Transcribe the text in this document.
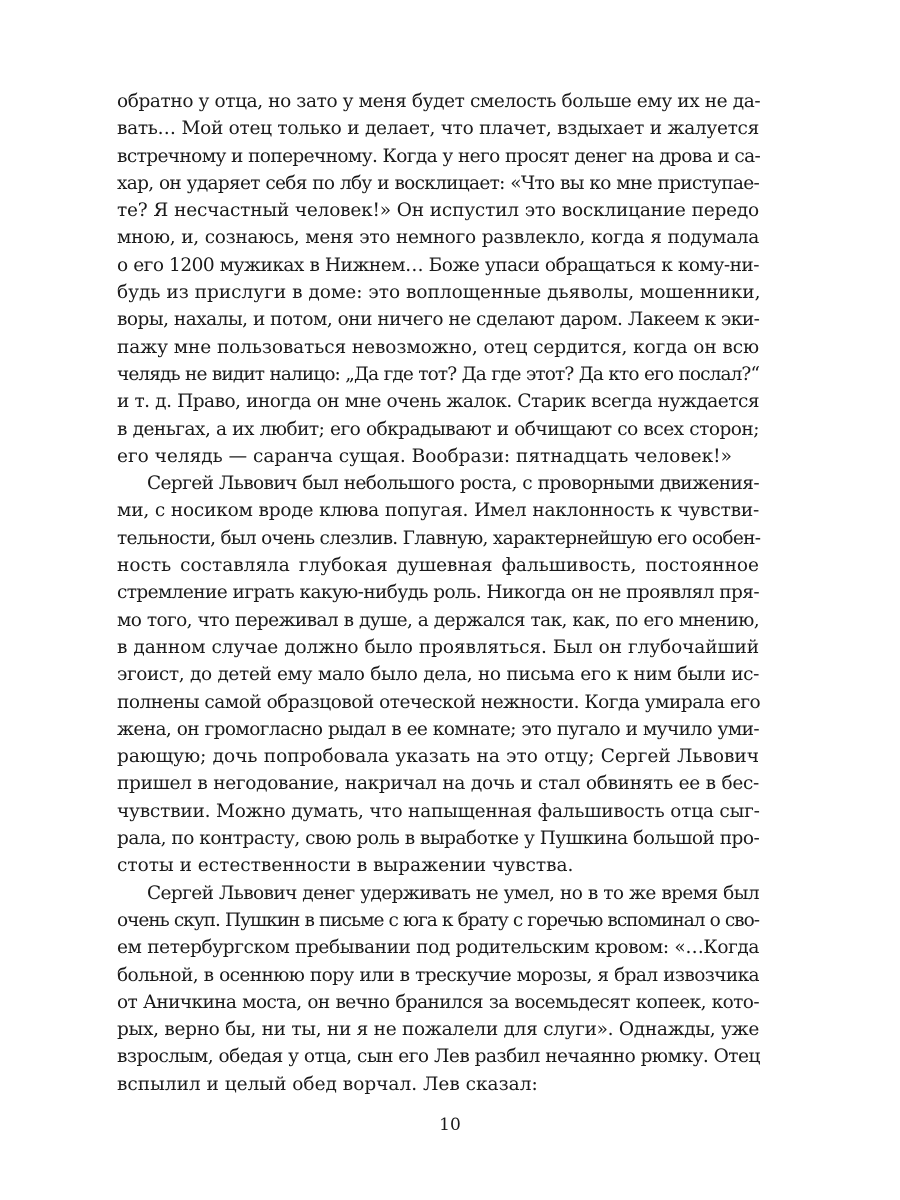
обратно у отца, но зато у меня будет смелость больше ему их не да-
вать… Мой отец только и делает, что плачет, вздыхает и жалуется
встречному и поперечному. Когда у него просят денег на дрова и са-
хар, он ударяет себя по лбу и восклицает: «Что вы ко мне приступае-
те? Я несчастный человек!» Он испустил это восклицание передо
мною, и, сознаюсь, меня это немного развлекло, когда я подумала
о его 1200 мужиках в Нижнем… Боже упаси обращаться к кому-ни-
будь из прислуги в доме: это воплощенные дьяволы, мошенники,
воры, нахалы, и потом, они ничего не сделают даром. Лакеем к эки-
пажу мне пользоваться невозможно, отец сердится, когда он всю
челядь не видит налицо: „Да где тот? Да где этот? Да кто его послал?“
и т. д. Право, иногда он мне очень жалок. Старик всегда нуждается
в деньгах, а их любит; его обкрадывают и обчищают со всех сторон;
его челядь — саранча сущая. Вообрази: пятнадцать человек!»
Сергей Львович был небольшого роста, с проворными движения-
ми, с носиком вроде клюва попугая. Имел наклонность к чувстви-
тельности, был очень слезлив. Главную, характернейшую его особен-
ность составляла глубокая душевная фальшивость, постоянное
стремление играть какую-нибудь роль. Никогда он не проявлял пря-
мо того, что переживал в душе, а держался так, как, по его мнению,
в данном случае должно было проявляться. Был он глубочайший
эгоист, до детей ему мало было дела, но письма его к ним были ис-
полнены самой образцовой отеческой нежности. Когда умирала его
жена, он громогласно рыдал в ее комнате; это пугало и мучило уми-
рающую; дочь попробовала указать на это отцу; Сергей Львович
пришел в негодование, накричал на дочь и стал обвинять ее в бес-
чувствии. Можно думать, что напыщенная фальшивость отца сыг-
рала, по контрасту, свою роль в выработке у Пушкина большой про-
стоты и естественности в выражении чувства.
Сергей Львович денег удерживать не умел, но в то же время был
очень скуп. Пушкин в письме с юга к брату с горечью вспоминал о сво-
ем петербургском пребывании под родительским кровом: «…Когда
больной, в осеннюю пору или в трескучие морозы, я брал извозчика
от Аничкина моста, он вечно бранился за восемьдесят копеек, кото-
рых, верно бы, ни ты, ни я не пожалели для слуги». Однажды, уже
взрослым, обедая у отца, сын его Лев разбил нечаянно рюмку. Отец
вспылил и целый обед ворчал. Лев сказал:
10
